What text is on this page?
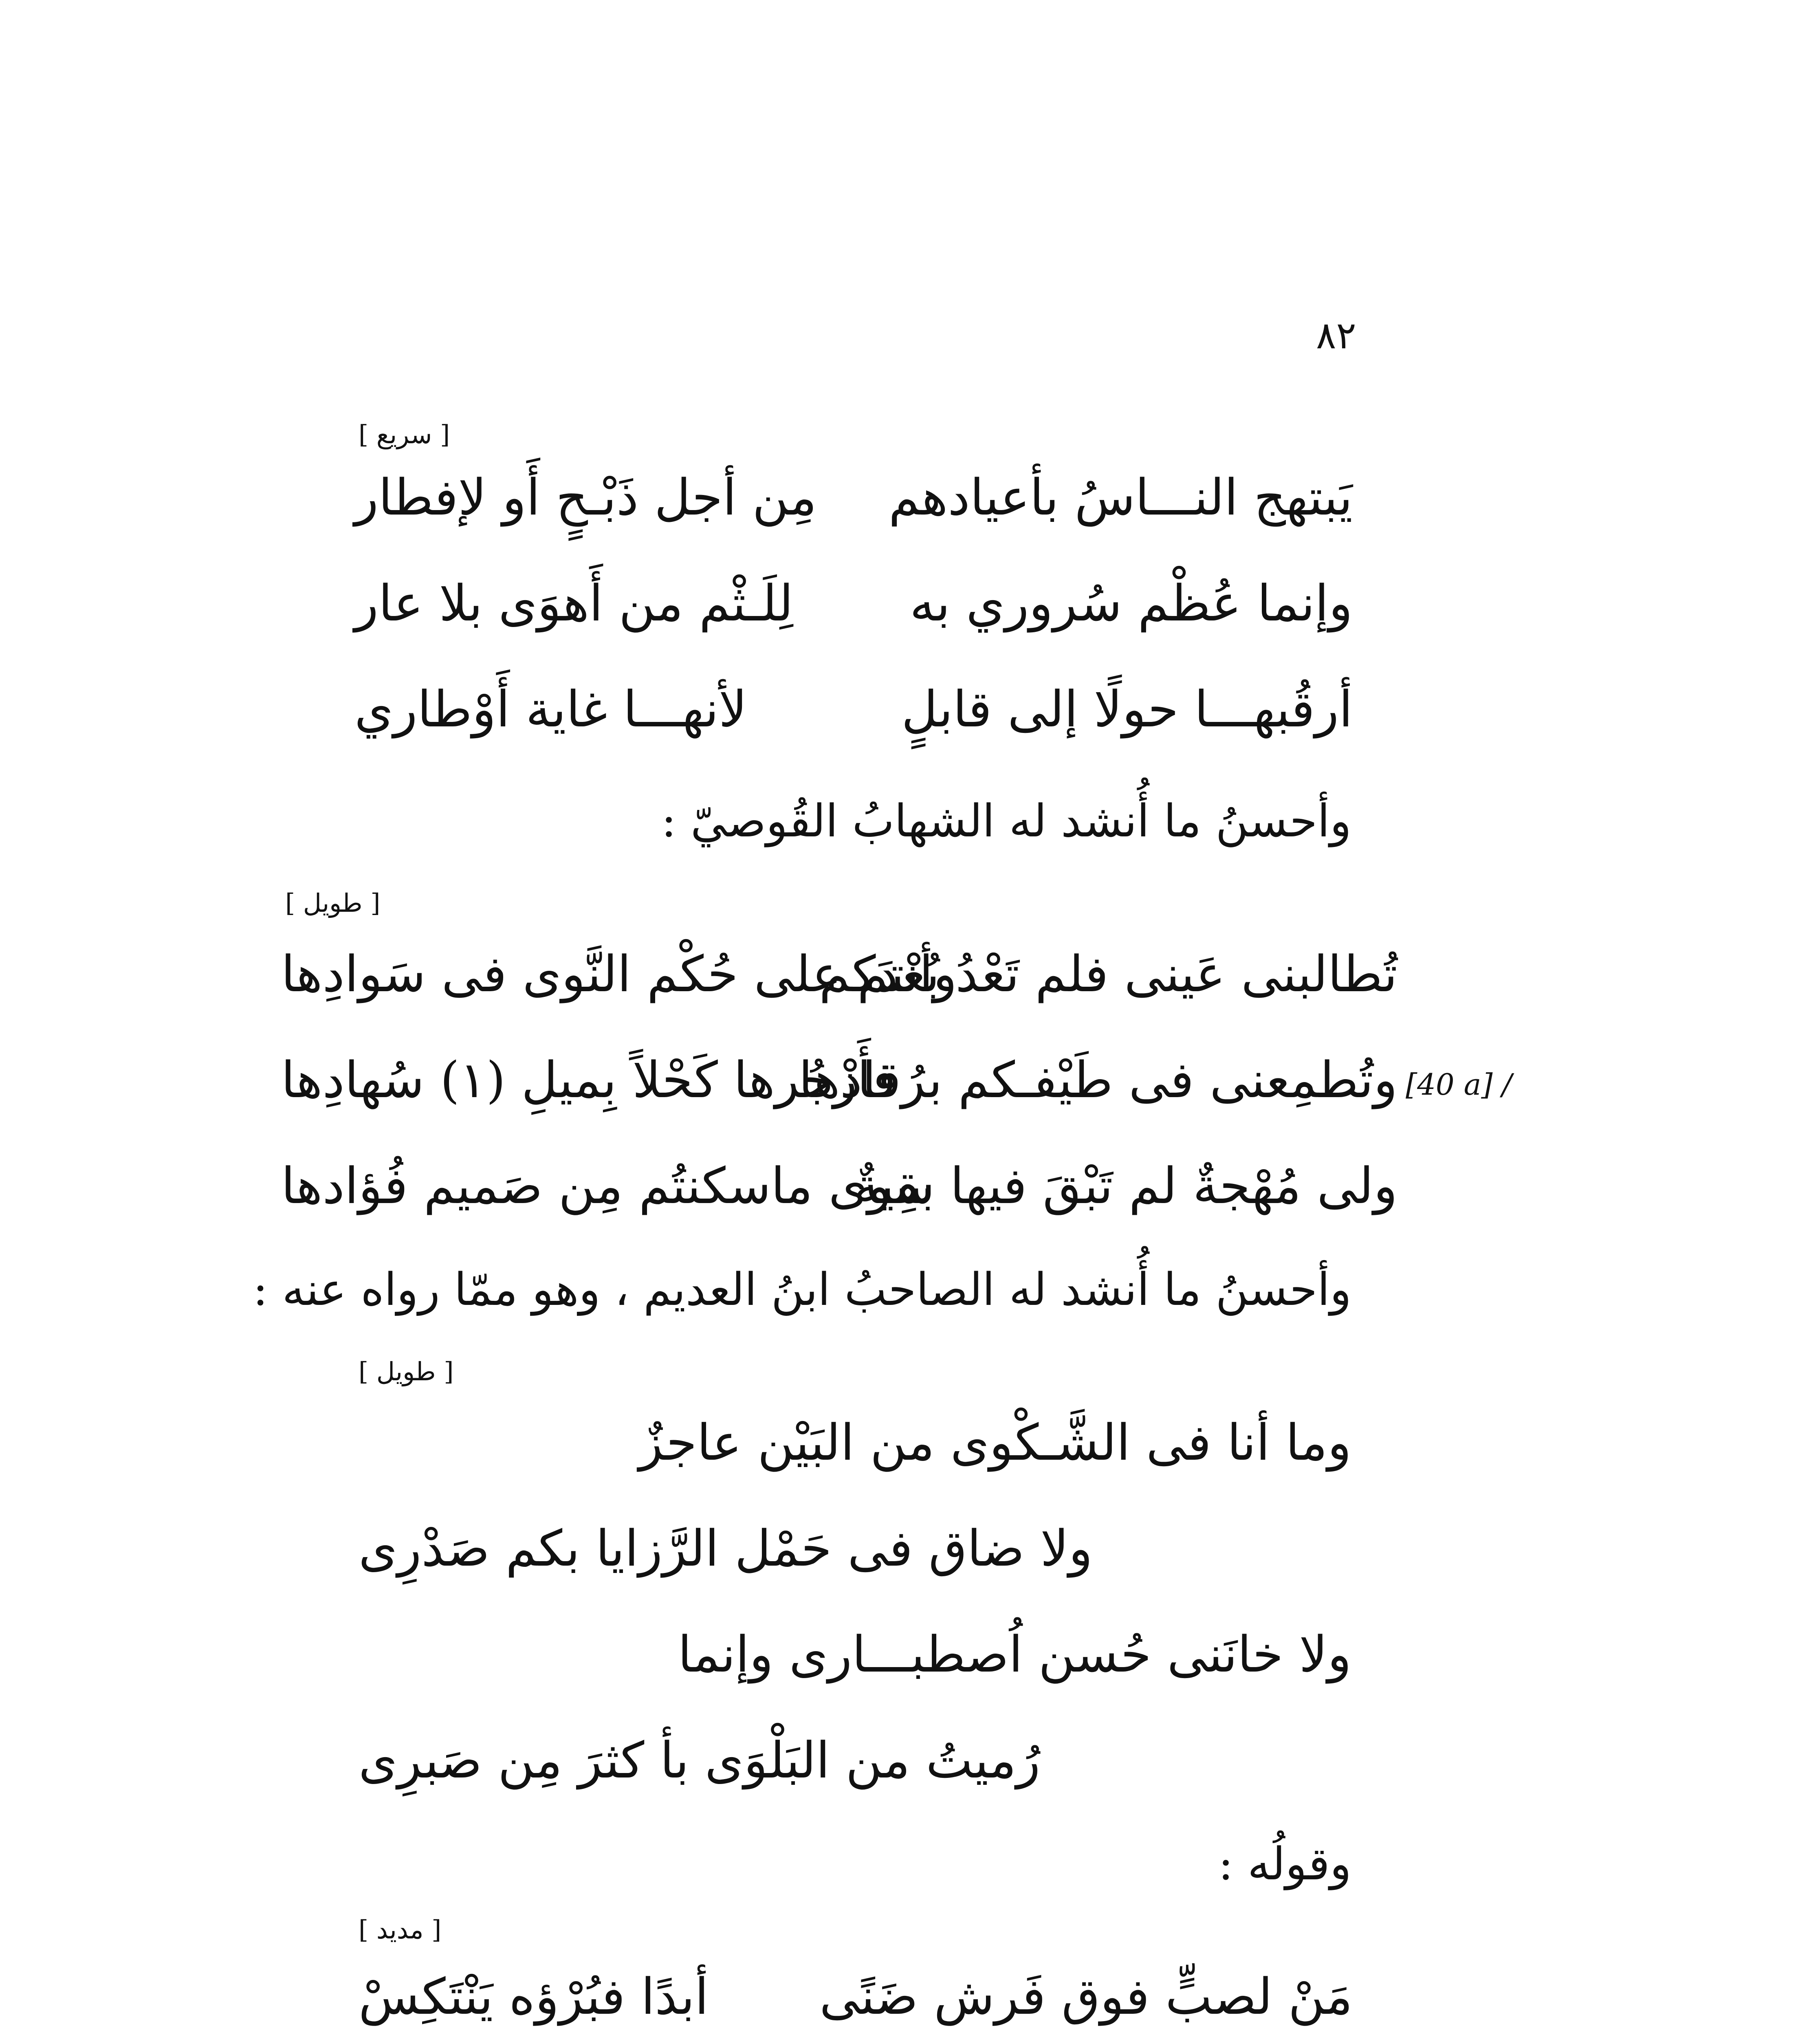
٨٢
[ سريع ]
يَبتهج النـــاسُ بأعيادهم
مِن أجل ذَبْـحٍ أَو لإفطار
وإنما عُظْم سُروري به
لِلَـثْم من أَهوَى بلا عار
أرقُبهـــا حولًا إلى قابلٍ
لأنهـــا غاية أَوْطاري
وأحسنُ ما أُنشد له الشهابُ القُوصيّ :
[ طويل ]
تُطالبنى عَينى فلم تَعْدُ بُعْدَكم
وأنتم على حُكْم النَّوى فى سَوادِها
[40 a] /
وتُطمِعنى فى طَيْفـكم برُقادها
فأَزْجُرها كَحْلاً بِميلِ (١) سُهادِها
ولى مُهْجةٌ لم تَبْقَ فيها بقيةٌ
سِوى ماسكنتُم مِن صَميم فُؤادها
وأحسنُ ما أُنشد له الصاحبُ ابنُ العديم ، وهو ممّا رواه عنه :
[ طويل ]
وما أنا فى الشَّـكْوى من البَيْن عاجزٌ
ولا ضاق فى حَمْل الرَّزايا بكم صَدْرِى
ولا خانَنى حُسن اُصطبـــارى وإنما
رُميتُ من البَلْوَى بأ كثرَ مِن صَبرِى
وقولُه :
[ مديد ]
مَنْ لصبٍّ فوق فَرش ضَنًى
أبدًا فبُرْؤه يَنْتَكِسْ
